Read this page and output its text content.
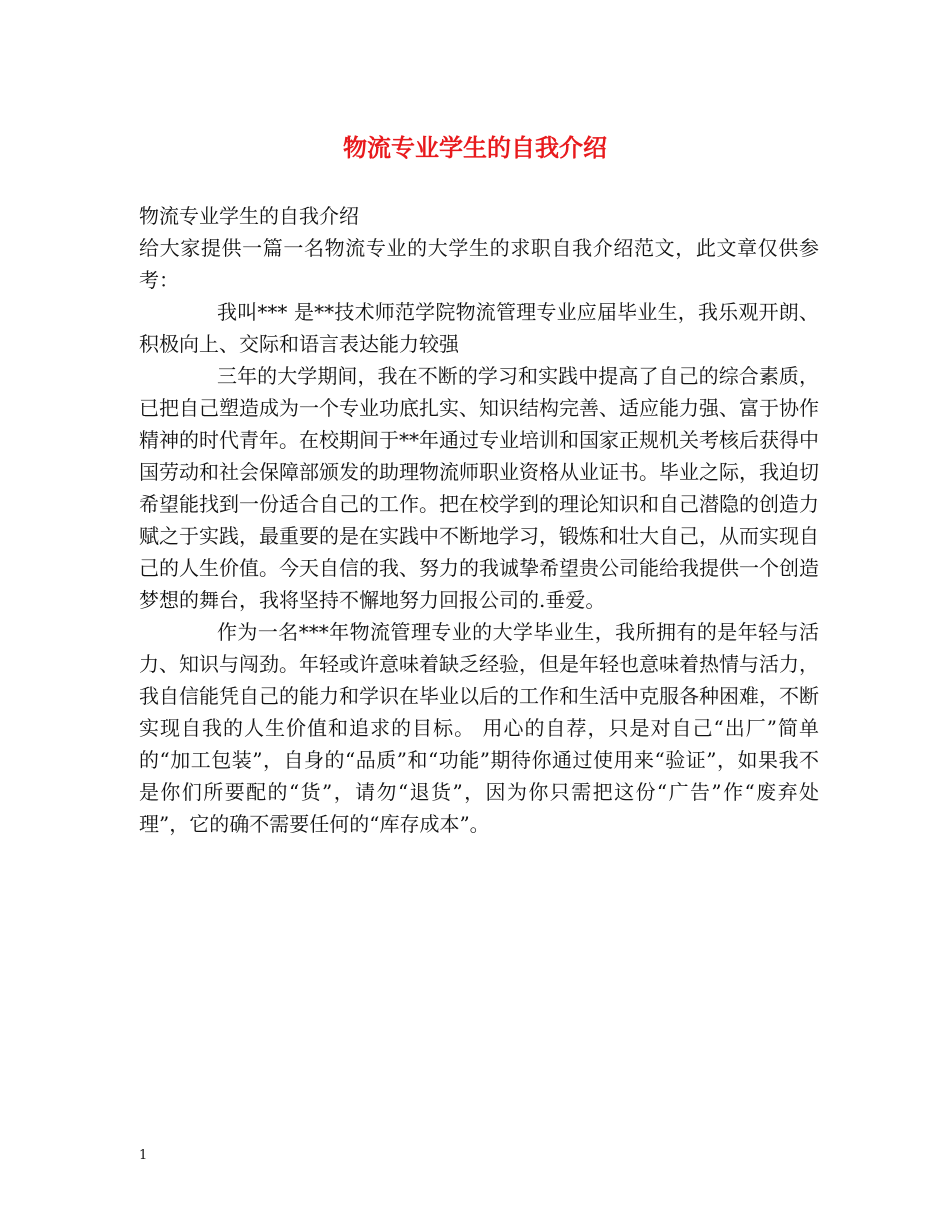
物流专业学生的自我介绍

物流专业学生的自我介绍

给大家提供一篇一名物流专业的大学生的求职自我介绍范文，此文章仅供参考：

我叫*** 是**技术师范学院物流管理专业应届毕业生，我乐观开朗、积极向上、交际和语言表达能力较强

三年的大学期间，我在不断的学习和实践中提高了自己的综合素质，已把自己塑造成为一个专业功底扎实、知识结构完善、适应能力强、富于协作精神的时代青年。在校期间于**年通过专业培训和国家正规机关考核后获得中国劳动和社会保障部颁发的助理物流师职业资格从业证书。毕业之际，我迫切希望能找到一份适合自己的工作。把在校学到的理论知识和自己潜隐的创造力赋之于实践，最重要的是在实践中不断地学习，锻炼和壮大自己，从而实现自己的人生价值。今天自信的我、努力的我诚挚希望贵公司能给我提供一个创造梦想的舞台，我将坚持不懈地努力回报公司的.垂爱。

作为一名***年物流管理专业的大学毕业生，我所拥有的是年轻与活力、知识与闯劲。年轻或许意味着缺乏经验，但是年轻也意味着热情与活力，我自信能凭自己的能力和学识在毕业以后的工作和生活中克服各种困难，不断实现自我的人生价值和追求的目标。 用心的自荐，只是对自己“出厂”简单的“加工包装”，自身的“品质”和“功能”期待你通过使用来“验证”，如果我不是你们所要配的“货”，请勿“退货”，因为你只需把这份“广告”作“废弃处理”，它的确不需要任何的“库存成本”。

1
